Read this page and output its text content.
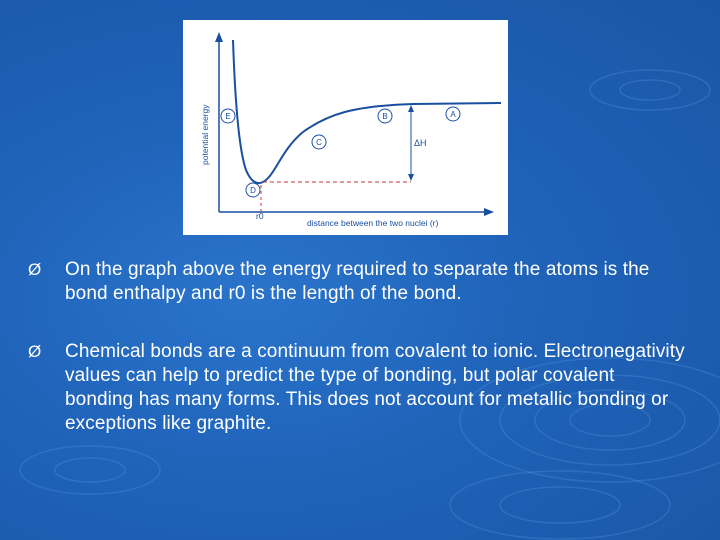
potential energy
distance between the two nuclei (r)
r0
ΔH
E
D
C
B	A
Ø On the graph above the energy required to separate the atoms is the bond enthalpy and r0 is the length of the bond.
Ø Chemical bonds are a continuum from covalent to ionic. Electronegativity values can help to predict the type of bonding, but polar covalent bonding has many forms. This does not account for metallic bonding or exceptions like graphite.
